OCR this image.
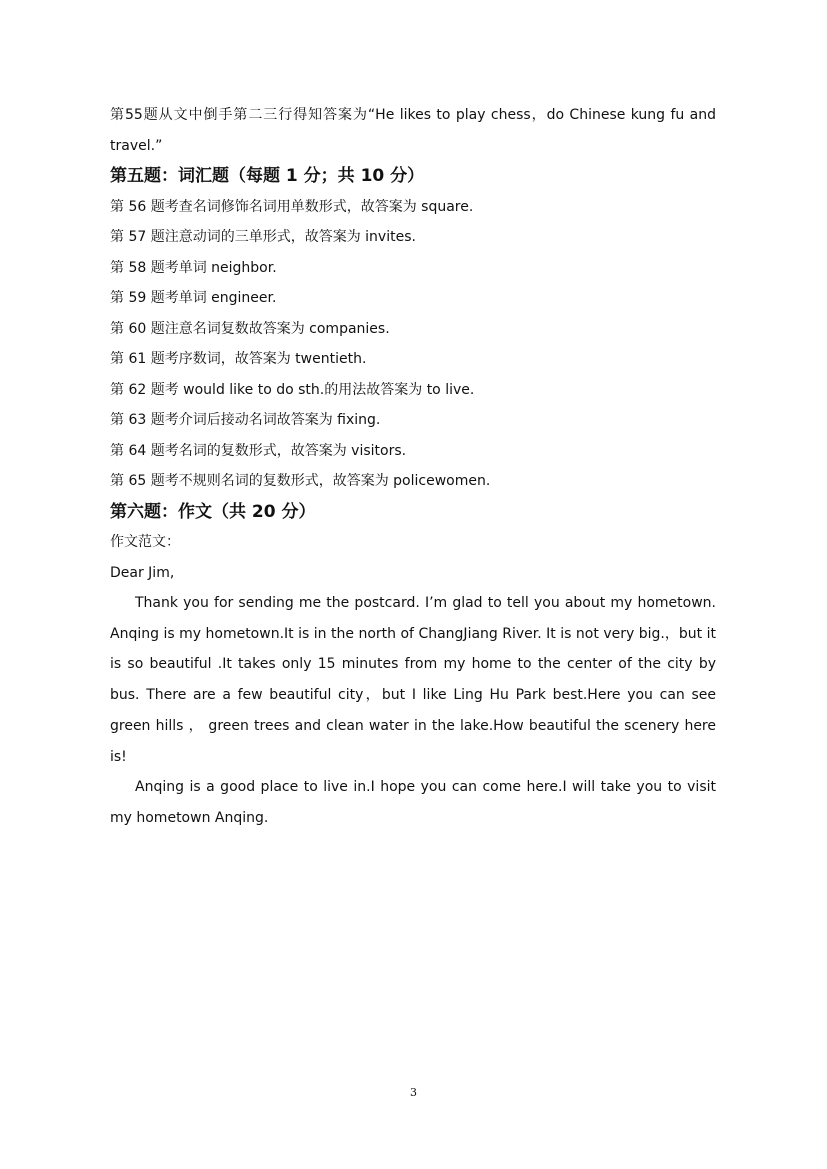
第55题从文中倒手第二三行得知答案为“He likes to play chess，do Chinese kung fu and travel.”

第五题：词汇题（每题 1 分；共 10 分）

第 56 题考查名词修饰名词用单数形式，故答案为 square.

第 57 题注意动词的三单形式，故答案为 invites.

第 58 题考单词 neighbor.

第 59 题考单词 engineer.

第 60 题注意名词复数故答案为 companies.

第 61 题考序数词，故答案为 twentieth.

第 62 题考 would like to do sth.的用法故答案为 to live.

第 63 题考介词后接动名词故答案为 fixing.

第 64 题考名词的复数形式，故答案为 visitors.

第 65 题考不规则名词的复数形式，故答案为 policewomen.

第六题：作文（共 20 分）

作文范文：

Dear Jim,

Thank you for sending me the postcard. I’m glad to tell you about my hometown. Anqing is my hometown.It is in the north of ChangJiang River. It is not very big.，but it is so beautiful .It takes only 15 minutes from my home to the center of the city by bus. There are a few beautiful city，but I like Ling Hu Park best.Here you can see green hills ， green trees and clean water in the lake.How beautiful the scenery here is!

Anqing is a good place to live in.I hope you can come here.I will take you to visit my hometown Anqing.

3
